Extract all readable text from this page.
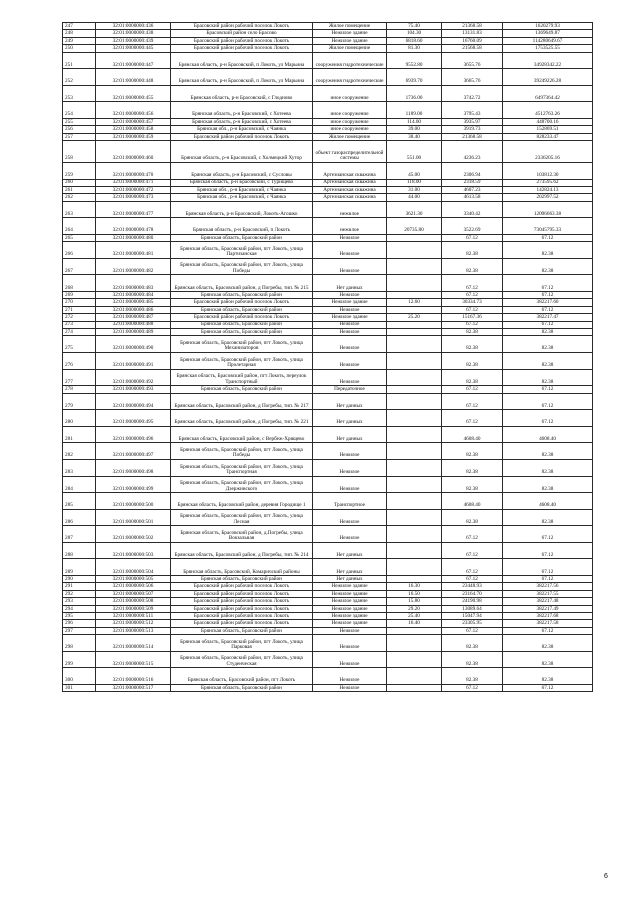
247	32:01:0000000:436	Брасовский район рабочий поселок Локоть	Жилое помещение	75.40	21368.58	1620279.93
248	32:01:0000000:438	Брасовский район село Брасово	Нежилое здание	104.30	13131.83	1369649.87
249	32:01:0000000:439	Брасовский район рабочий поселок Локоть	Нежилое здание	6818.60	16760.09	114280649.67
250	32:01:0000000:445	Брасовский район рабочий поселок Локоть	Жилое помещение	81.30	21568.58	1753525.55
251	32:01:0000000:447	Брянская область, р-н Брасовский, п Локоть, ул Марьина	сооружения гидротехнические	9552.80	3655.76	34928342.22
252	32:01:0000000:448	Брянская область, р-н Брасовский, п Локоть, ул Марьина	сооружения гидротехнические	6939.70	3665.76	39249226.28
253	32:01:0000000:455	Брянская область, р-н Брасовский, с Глодново	иное сооружение	1736.00	3742.72	6497364.42
254	32:01:0000000:456	Брянская область, р-н Брасовский, с Хотеева	иное сооружение	1189.00	3795.43	4512763.26
255	32:01:0000000:457	Брянская область, р-н Брасовский, с Хотеева	иное сооружение	114.00	3935.97	448700.16
256	32:01:0000000:458	Брянская обл., р-н Брасовский, с Чаянка	иное сооружение	39.00	3919.73	152869.51
257	32:01:0000000:459	Брасовский район рабочий поселок Локоть	Жилое помещение	38.40	21368.58	828233.47
258	32:01:0000000:460	Брянская область, р-н Брасовский, с Холмецкий Хутор	объект газораспределительной системы	551.00	4236.23	2336205.16
259	32:01:0000000:470	Брянская область, р-н Брасовский, с Сусловы	Артезианская скважина	45.00	2306.94	103812.30
260	32:01:0000000:471	Брянская область, р-н Брасовский, с Турищево	Артезианская скважина	118.00	2318.59	273595.62
261	32:01:0000000:472	Брянская обл., р-н Брасовский, с Чаянка	Артезианская скважина	31.00	4607.23	142824.13
262	32:01:0000000:473	Брянская обл., р-н Брасовский, с Чаянка	Артезианская скважина	44.00	4613.58	202997.52
263	32:01:0000000:477	Брянская область, р-н Брасовский, Локоть-Агошко	нежилое	3621.30	3340.42	12096663.38
264	32:01:0000000:478	Брянская область, р-н Брасовский, п Локоть	нежилое	20735.80	3522.69	73045795.33
265	32:01:0000000:480	Брянская область, Брасовский район	Нежилое		67.12	67.12
266	32:01:0000000:481	Брянская область, Брасовский район, пгт Локоть, улица Партизанская	Нежилое		82.38	82.38
267	32:01:0000000:482	Брянская область, Брасовский район, пгт Локоть, улица Победы	Нежилое		82.38	82.38
268	32:01:0000000:483	Брянская область, Брасовский район, д Погребы, тип. № 215	Нет данных		67.12	67.12
269	32:01:0000000:484	Брянская область, Брасовский район	Нежилое		67.12	67.12
270	32:01:0000000:485	Брасовский район рабочий поселок Локоть	Нежилое здание	12.60	30334.73	382217.60
271	32:01:0000000:486	Брянская область, Брасовский район	Нежилое		67.12	67.12
272	32:01:0000000:487	Брасовский район рабочий поселок Локоть	Нежилое здание	25.20	15167.36	382217.47
273	32:01:0000000:488	Брянская область, Брасовский район	Нежилое		67.12	67.12
274	32:01:0000000:489	Брянская область, Брасовский район	Нежилое		82.38	82.38
275	32:01:0000000:490	Брянская область, Брасовский район, пгт Локоть, улица Механизаторов	Нежилое		82.38	82.38
276	32:01:0000000:491	Брянская область, Брасовский район, пгт Локоть, улица Пролетарная	Нежилое		82.38	82.38
277	32:01:0000000:492	Брянская область, Брасовский район, пгт Локоть, переулок Транспортный	Нежилое		82.38	82.38
278	32:01:0000000:493	Брянская область, Брасовский район	Передаточное		67.12	67.12
279	32:01:0000000:494	Брянская область, Брасовский район, д Погребы, тип. № 217	Нет данных		67.12	67.12
280	32:01:0000000:495	Брянская область, Брасовский район, д Погребы, тип. № 221	Нет данных		67.12	67.12
281	32:01:0000000:496	Брянская область, Брасовский район, с Вербеж-Хрящево	Нет данных		4608.40	4608.40
282	32:01:0000000:497	Брянская область, Брасовский район, пгт Локоть, улица Победы	Нежилое		82.38	82.38
283	32:01:0000000:498	Брянская область, Брасовский район, пгт Локоть, улица Транспортная	Нежилое		82.38	82.38
284	32:01:0000000:499	Брянская область, Брасовский район, пгт Локоть, улица Дзержинского	Нежилое		82.38	82.38
285	32:01:0000000:500	Брянская область, Брасовский район, деревня Городище 1	Транспортное		4608.40	4608.40
286	32:01:0000000:501	Брянская область, Брасовский район, пгт Локоть, улица Лесная	Нежилое		82.38	82.38
287	32:01:0000000:502	Брянская область, Брасовский район, д.Погребы, улица Вокзальная	Нежилое		67.12	67.12
288	32:01:0000000:503	Брянская область, Брасовский район, д Погребы, тип. № 214	Нет данных		67.12	67.12
289	32:01:0000000:504	Брянская область, Брасовский, Комаричский районы	Нет данных		67.12	67.12
290	32:01:0000000:505	Брянская область, Брасовский район	Нет данных		67.12	67.12
291	32:01:0000000:506	Брасовский район рабочий поселок Локоть	Нежилое здание	16.30	23448.93	382217.56
292	32:01:0000000:507	Брасовский район рабочий поселок Локоть	Нежилое здание	16.50	23164.70	382217.55
293	32:01:0000000:508	Брасовский район рабочий поселок Локоть	Нежилое здание	15.80	24190.98	382217.48
294	32:01:0000000:509	Брасовский район рабочий поселок Локоть	Нежилое здание	29.20	13089.64	382217.49
295	32:01:0000000:511	Брасовский район рабочий поселок Локоть	Нежилое здание	25.40	15047.94	382217.68
296	32:01:0000000:512	Брасовский район рабочий поселок Локоть	Нежилое здание	16.40	23305.95	382217.58
297	32:01:0000000:513	Брянская область, Брасовский район	Нежилое		67.12	67.12
298	32:01:0000000:514	Брянская область, Брасовский район, пгт Локоть, улица Парковая	Нежилое		82.38	82.38
299	32:01:0000000:515	Брянская область, Брасовский район, пгт Локоть, улица Студенческая	Нежилое		82.38	82.38
300	32:01:0000000:516	Брянская область, Брасовский район, пгт Локоть	Нежилое		82.38	82.38
301	32:01:0000000:517	Брянская область, Брасовский район	Нежилое		67.12	67.12
6
